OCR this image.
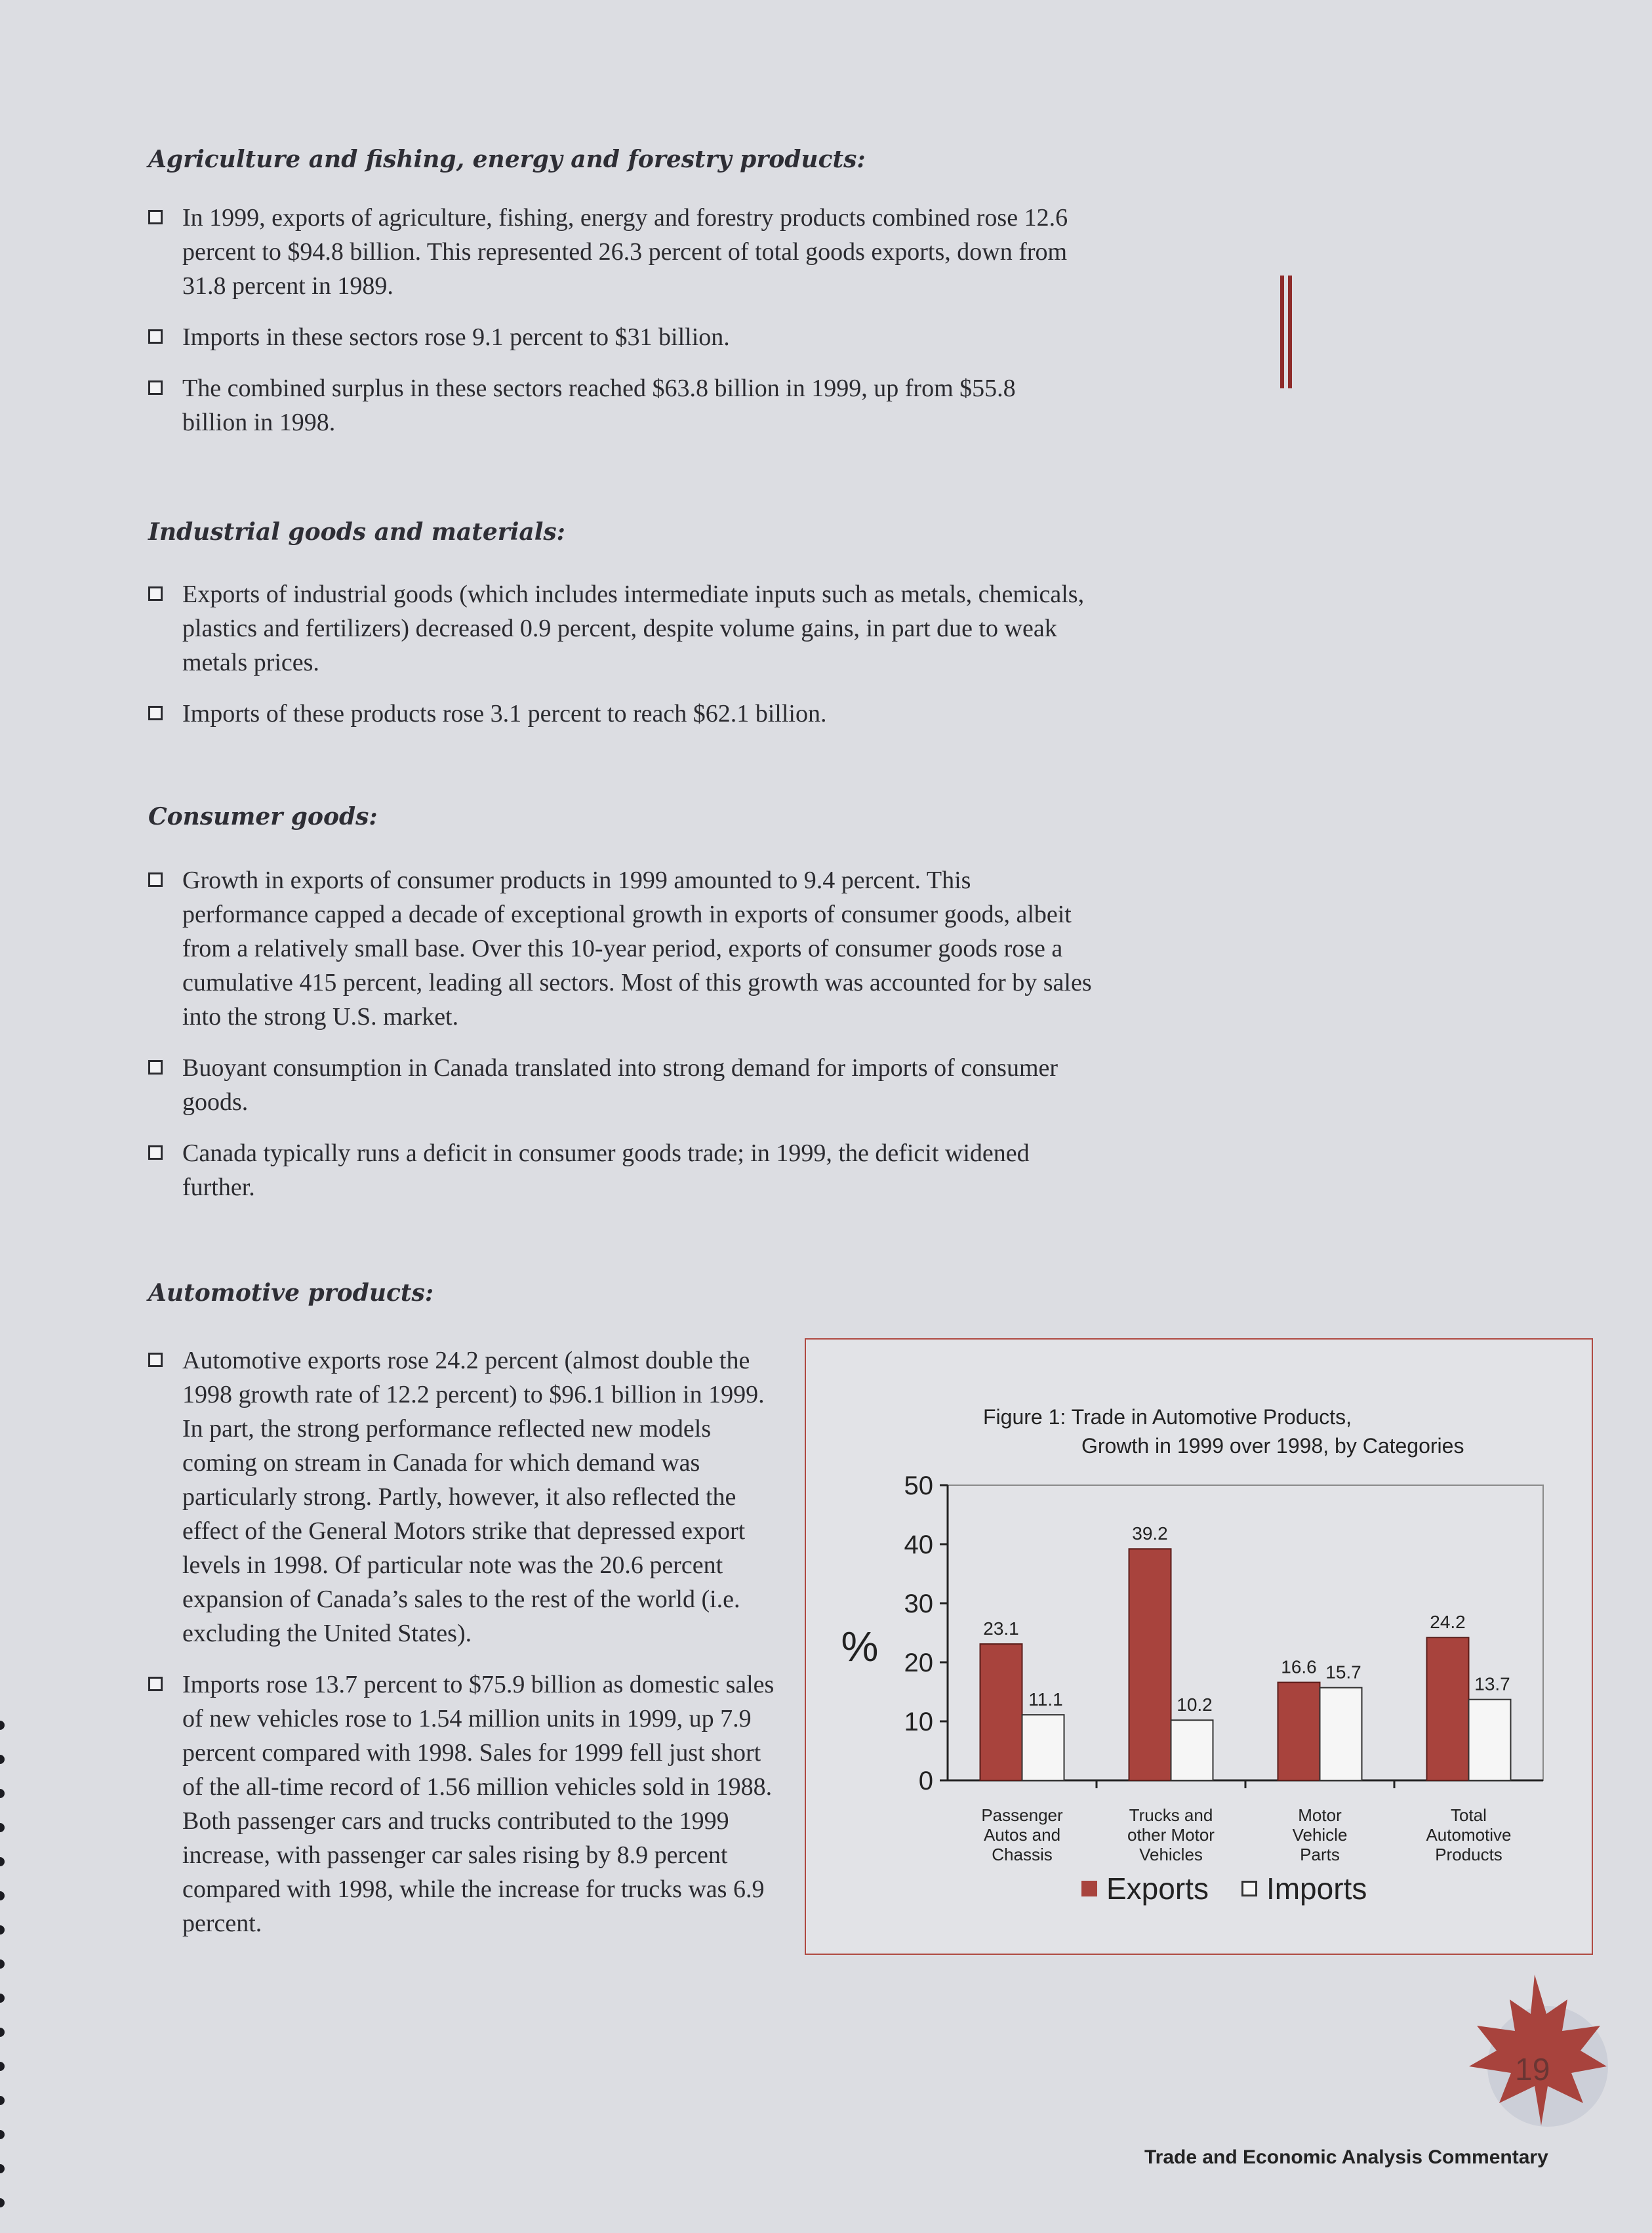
Agriculture and fishing, energy and forestry products:
In 1999, exports of agriculture, fishing, energy and forestry products combined rose 12.6 percent to $94.8 billion. This represented 26.3 percent of total goods exports, down from 31.8 percent in 1989.
Imports in these sectors rose 9.1 percent to $31 billion.
The combined surplus in these sectors reached $63.8 billion in 1999, up from $55.8 billion in 1998.
Industrial goods and materials:
Exports of industrial goods (which includes intermediate inputs such as metals, chemicals, plastics and fertilizers) decreased 0.9 percent, despite volume gains, in part due to weak metals prices.
Imports of these products rose 3.1 percent to reach $62.1 billion.
Consumer goods:
Growth in exports of consumer products in 1999 amounted to 9.4 percent. This performance capped a decade of exceptional growth in exports of consumer goods, albeit from a relatively small base. Over this 10-year period, exports of consumer goods rose a cumulative 415 percent, leading all sectors. Most of this growth was accounted for by sales into the strong U.S. market.
Buoyant consumption in Canada translated into strong demand for imports of consumer goods.
Canada typically runs a deficit in consumer goods trade; in 1999, the deficit widened further.
Automotive products:
Automotive exports rose 24.2 percent (almost double the 1998 growth rate of 12.2 percent) to $96.1 billion in 1999. In part, the strong performance reflected new models coming on stream in Canada for which demand was particularly strong. Partly, however, it also reflected the effect of the General Motors strike that depressed export levels in 1998. Of particular note was the 20.6 percent expansion of Canada’s sales to the rest of the world (i.e. excluding the United States).
Imports rose 13.7 percent to $75.9 billion as domestic sales of new vehicles rose to 1.54 million units in 1999, up 7.9 percent compared with 1998. Sales for 1999 fell just short of the all-time record of 1.56 million vehicles sold in 1988. Both passenger cars and trucks contributed to the 1999 increase, with passenger car sales rising by 8.9 percent compared with 1998, while the increase for trucks was 6.9 percent.
Figure 1: Trade in Automotive Products,
Growth in 1999 over 1998, by Categories
%
0
10
20
30
40
50
23.1
11.1
Passenger
Autos and
Chassis
39.2
10.2
Trucks and
other Motor
Vehicles
16.6 15.7
Motor
Vehicle
Parts
24.2
13.7
Total
Automotive
Products
Exports Imports
19
Trade and Economic Analysis Commentary
